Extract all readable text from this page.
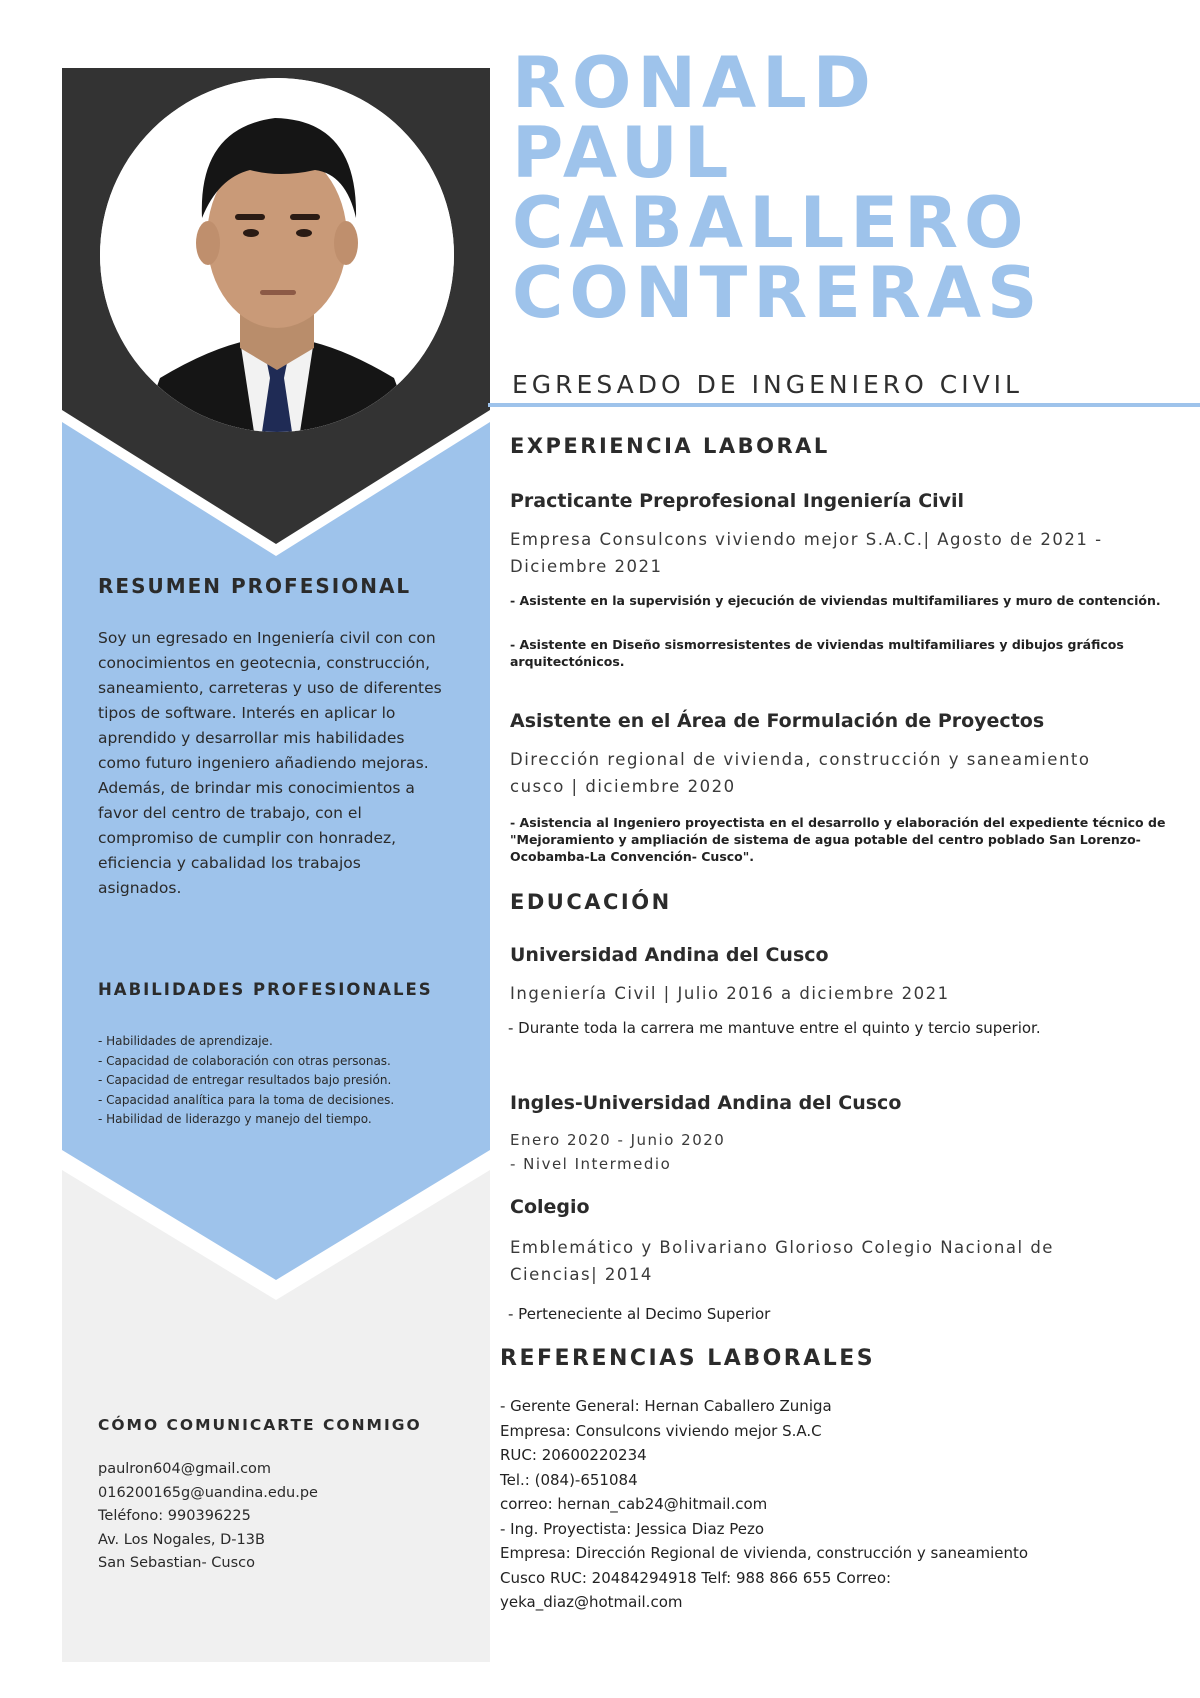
RESUMEN PROFESIONAL
Soy un egresado en Ingeniería civil con con conocimientos en geotecnia, construcción, saneamiento, carreteras y uso de diferentes tipos de software. Interés en aplicar lo aprendido y desarrollar mis habilidades como futuro ingeniero añadiendo mejoras. Además, de brindar mis conocimientos a favor del centro de trabajo, con el compromiso de cumplir con honradez, eficiencia y cabalidad los trabajos asignados.
HABILIDADES PROFESIONALES
- Habilidades de aprendizaje.
- Capacidad de colaboración con otras personas.
- Capacidad de entregar resultados bajo presión.
- Capacidad analítica para la toma de decisiones.
- Habilidad de liderazgo y manejo del tiempo.
CÓMO COMUNICARTE CONMIGO
paulron604@gmail.com
016200165g@uandina.edu.pe
Teléfono: 990396225
Av. Los Nogales, D-13B
San Sebastian- Cusco
RONALD
PAUL
CABALLERO
CONTRERAS
EGRESADO DE INGENIERO CIVIL
EXPERIENCIA LABORAL
Practicante Preprofesional Ingeniería Civil
Empresa Consulcons viviendo mejor S.A.C.| Agosto de 2021 - Diciembre 2021
- Asistente en la supervisión y ejecución de viviendas multifamiliares y muro de contención.
- Asistente en Diseño sismorresistentes de viviendas multifamiliares y dibujos gráficos arquitectónicos.
Asistente en el Área de Formulación de Proyectos
Dirección regional de vivienda, construcción y saneamiento cusco | diciembre 2020
- Asistencia al Ingeniero proyectista en el desarrollo y elaboración del expediente técnico de "Mejoramiento y ampliación de sistema de agua potable del centro poblado San Lorenzo-Ocobamba-La Convención- Cusco".
EDUCACIÓN
Universidad Andina del Cusco
Ingeniería Civil | Julio 2016 a diciembre 2021
- Durante toda la carrera me mantuve entre el quinto y tercio superior.
Ingles-Universidad Andina del Cusco
Enero 2020 - Junio 2020
- Nivel Intermedio
Colegio
Emblemático y Bolivariano Glorioso Colegio Nacional de Ciencias| 2014
- Perteneciente al Decimo Superior
REFERENCIAS LABORALES
- Gerente General: Hernan Caballero Zuniga
Empresa: Consulcons viviendo mejor S.A.C
RUC: 20600220234
Tel.: (084)-651084
correo: hernan_cab24@hitmail.com
- Ing. Proyectista: Jessica Diaz Pezo
Empresa: Dirección Regional de vivienda, construcción y saneamiento Cusco RUC: 20484294918 Telf: 988 866 655 Correo: yeka_diaz@hotmail.com
